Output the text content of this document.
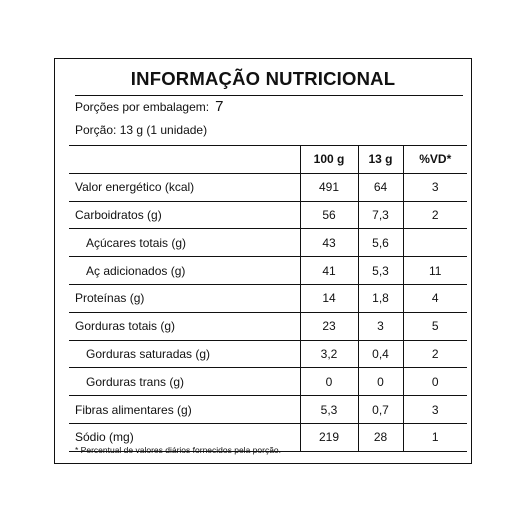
INFORMAÇÃO NUTRICIONAL
Porções por embalagem: 7
Porção: 13 g (1 unidade)
	100 g	13 g	%VD*
Valor energético (kcal)	491	64	3
Carboidratos (g)	56	7,3	2
Açúcares totais (g)	43	5,6	
Aç adicionados (g)	41	5,3	11
Proteínas (g)	14	1,8	4
Gorduras totais (g)	23	3	5
Gorduras saturadas (g)	3,2	0,4	2
Gorduras trans (g)	0	0	0
Fibras alimentares (g)	5,3	0,7	3
Sódio (mg)	219	28	1
* Percentual de valores diários fornecidos pela porção.
